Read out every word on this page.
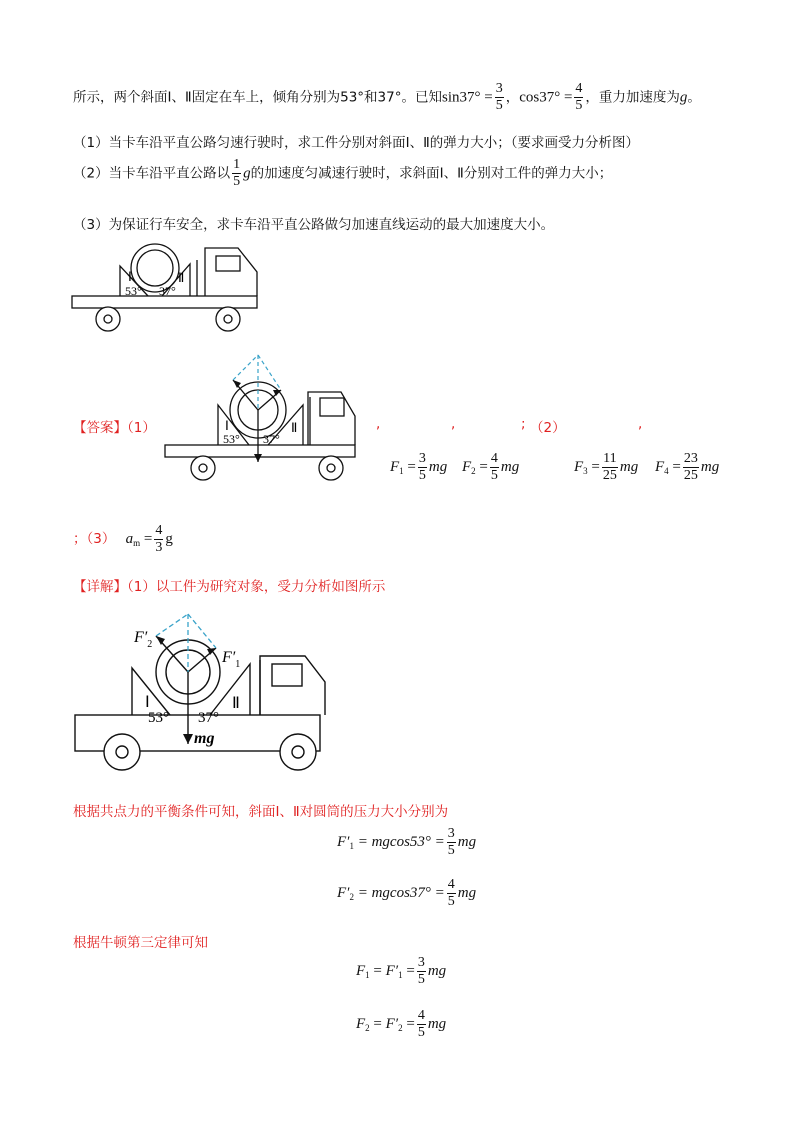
所示，两个斜面Ⅰ、Ⅱ固定在车上，倾角分别为53°和37°。已知$\sin 37^\circ = \frac{3}{5}$ ，$\cos 37^\circ = \frac{4}{5}$ ，重力加速度为g。
（1）当卡车沿平直公路匀速行驶时，求工件分别对斜面Ⅰ、Ⅱ的弹力大小；（要求画受力分析图）
（2）当卡车沿平直公路以 $\frac{1}{5}$ g的加速度匀减速行驶时，求斜面Ⅰ、Ⅱ分别对工件的弹力大小；
（3）为保证行车安全，求卡车沿平直公路做匀加速直线运动的最大加速度大小。
Ⅰ	Ⅱ
53° 37°
Ⅰ	Ⅱ
53° 37°
【答案】（1）	,	,	; （2）	,
$F_1 = \frac{3}{5}$ mg $F_2 = \frac{4}{5}$ mg	$F_3 = \frac{11}{25}$ mg $F_4 = \frac{23}{25}$ mg
；（3） $a_m = \frac{4}{3}$ g
【详解】（1）以工件为研究对象，受力分析如图所示
$F'_2$
$F'_1$
Ⅰ	Ⅱ
53° 37°
mg
根据共点力的平衡条件可知，斜面Ⅰ、Ⅱ对圆筒的压力大小分别为
$F'_1 = mgcos53^\circ = \frac{3}{5}$ mg
$F'_2 = mgcos37^\circ = \frac{4}{5}$ mg
根据牛顿第三定律可知
$F_1 = F'_1 = \frac{3}{5}$ mg
$F_2 = F'_2 = \frac{4}{5}$ mg
